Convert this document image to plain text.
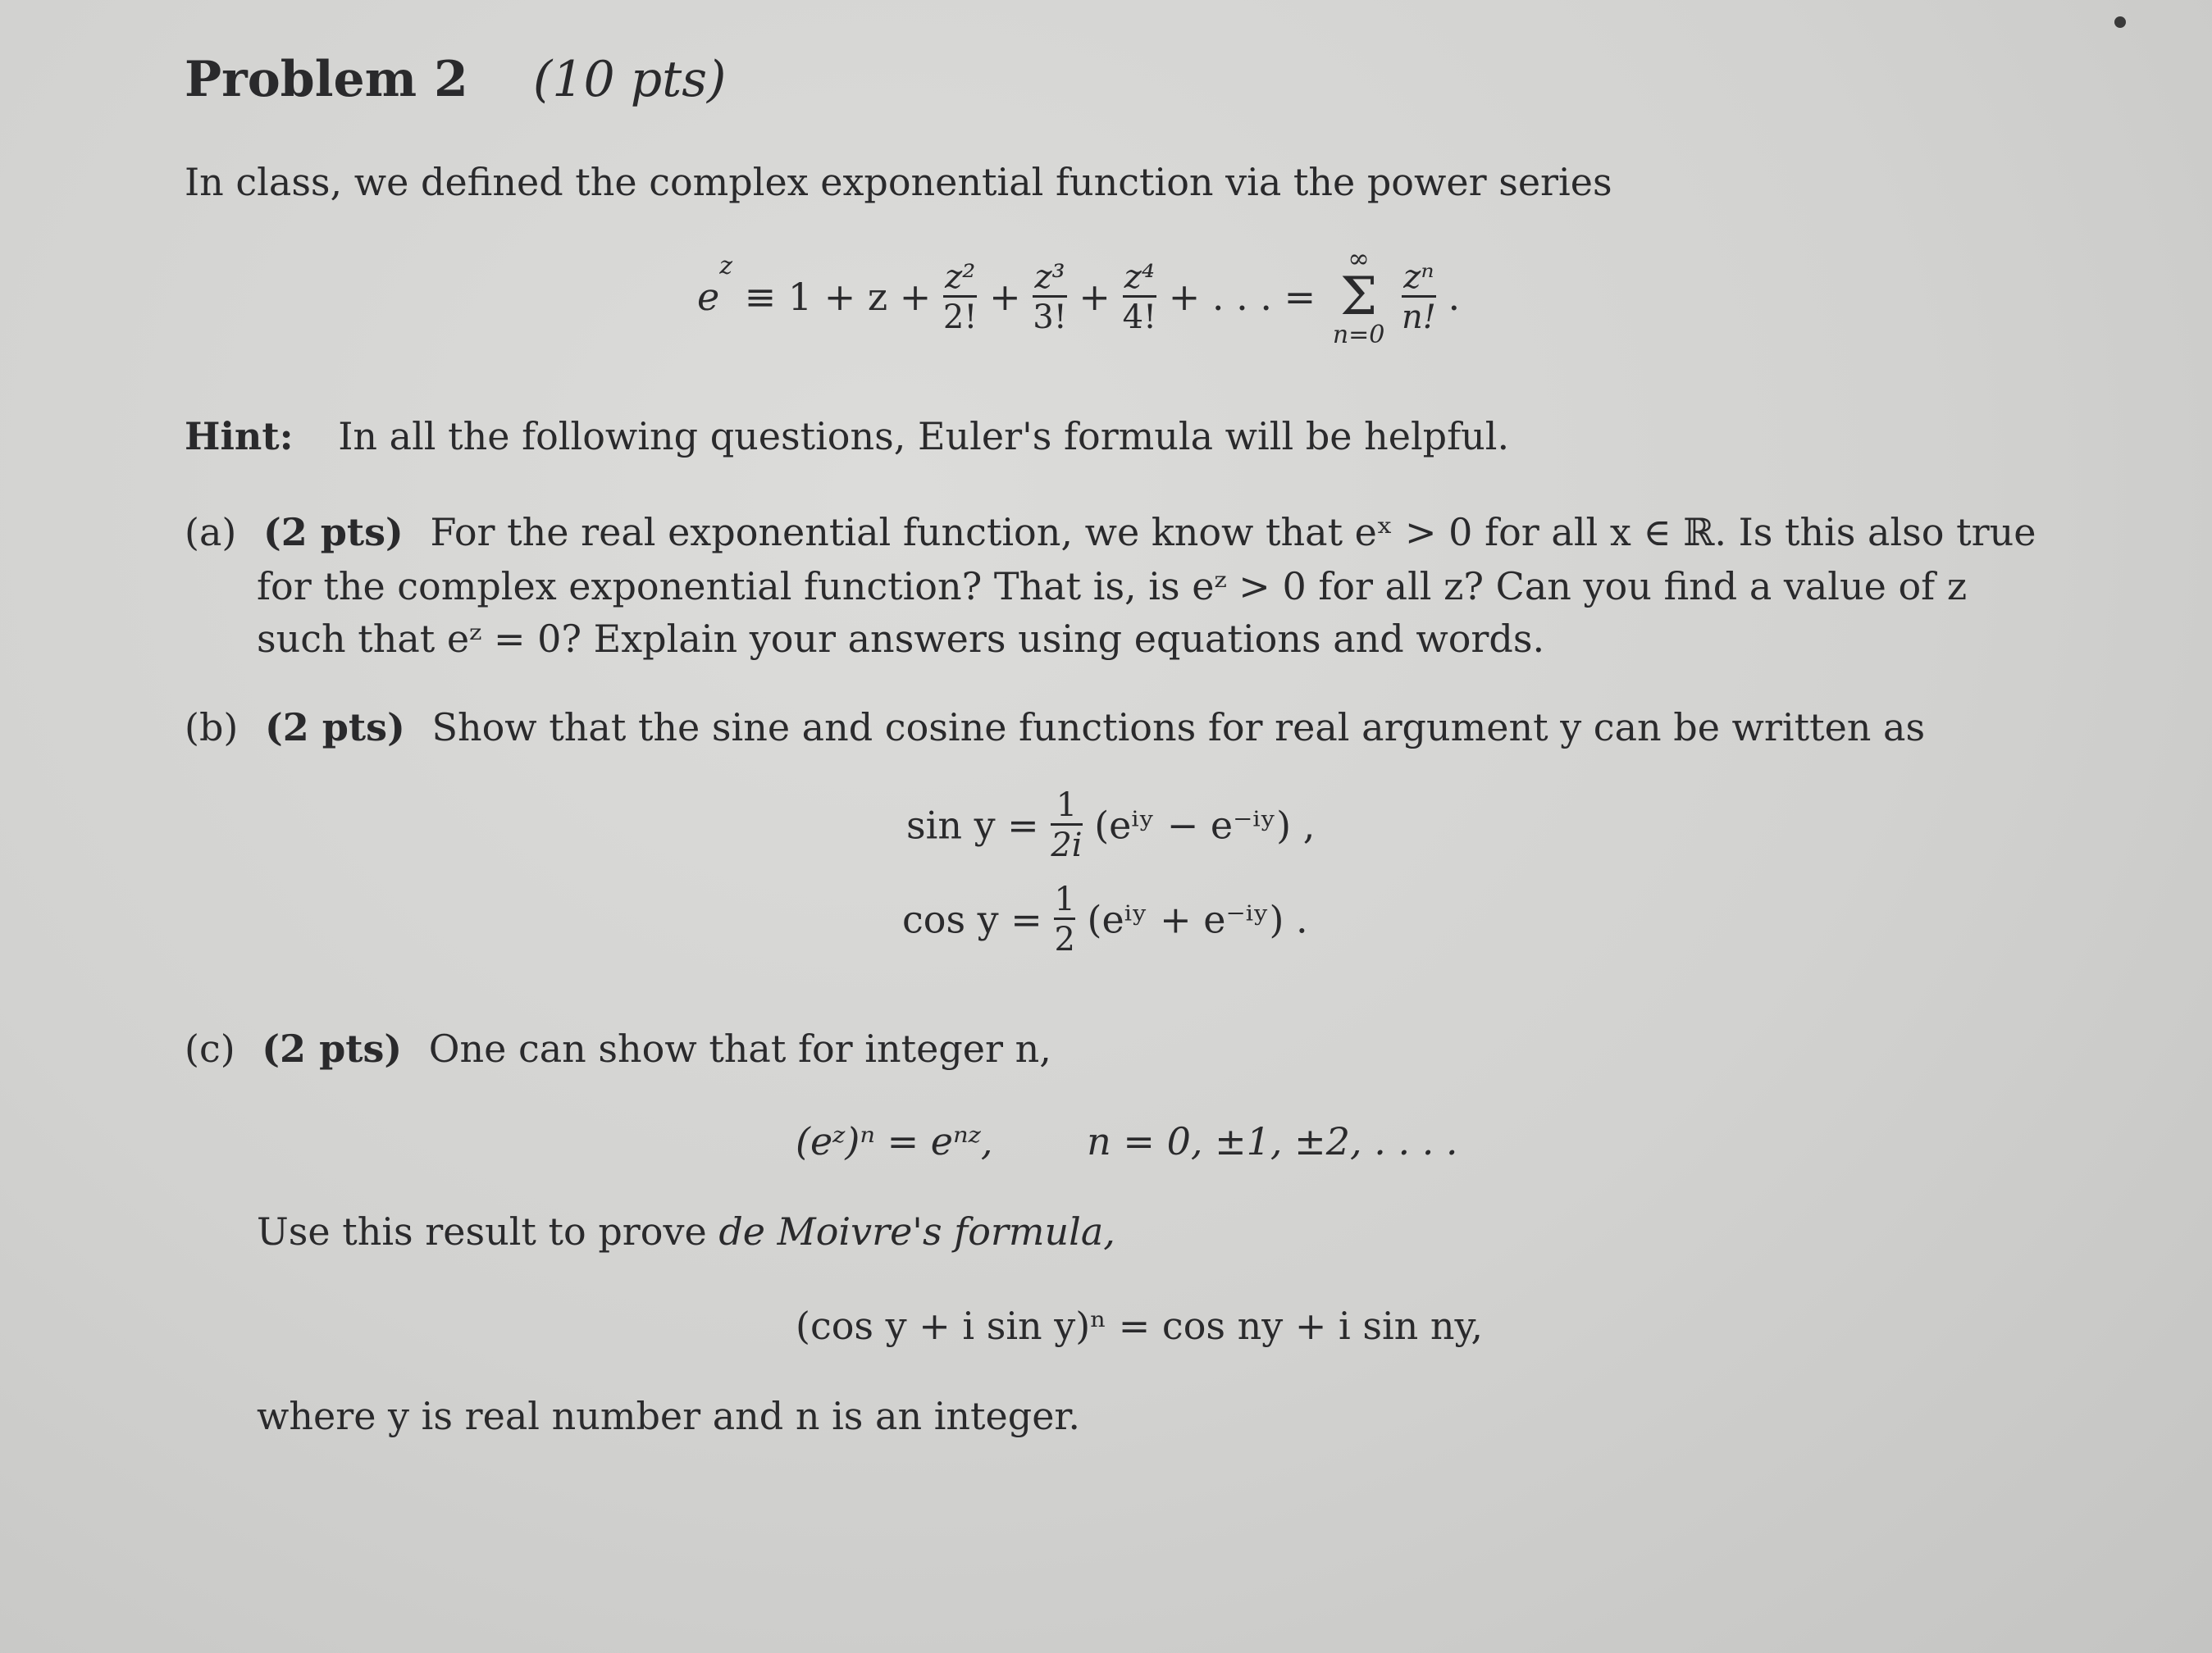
Problem 2 (10 pts)
In class, we defined the complex exponential function via the power series
$e^z \equiv 1 + z + \frac{\text{z²}}{2!} + \frac{\text{z³}}{3!} + \frac{\text{z⁴}}{4!}$ + . . . =
∞
Σ
n=0
$\frac{\text{zⁿ}}{n!}$ .
Hint: In all the following questions, Euler's formula will be helpful.
(a) (2 pts) For the real exponential function, we know that eˣ > 0 for all x ∈ ℝ. Is this also true
for the complex exponential function? That is, is eᶻ > 0 for all z? Can you find a value of z
such that eᶻ = 0? Explain your answers using equations and words.
(b) (2 pts) Show that the sine and cosine functions for real argument y can be written as
$\sin y = \frac{1}{2i}$ (eⁱʸ − e⁻ⁱʸ) ,
$\cos y = \frac{1}{2}$ (eⁱʸ + e⁻ⁱʸ) .
(c) (2 pts) One can show that for integer n,
(eᶻ)ⁿ = eⁿᶻ, n = 0, ±1, ±2, . . . .
Use this result to prove de Moivre's formula,
(cos y + i sin y)ⁿ = cos ny + i sin ny,
where y is real number and n is an integer.
